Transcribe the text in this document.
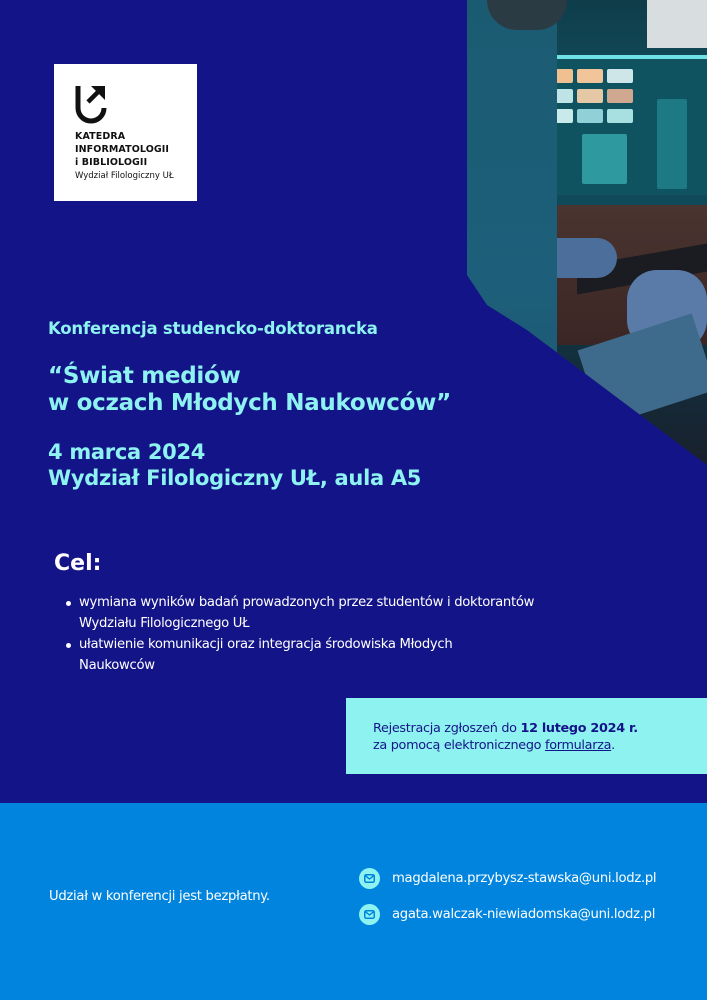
KATEDRA
INFORMATOLOGII
i BIBLIOLOGII
Wydział Filologiczny UŁ
Konferencja studencko-doktorancka
“Świat mediów
w oczach Młodych Naukowców”
4 marca 2024
Wydział Filologiczny UŁ, aula A5
Cel:
wymiana wyników badań prowadzonych przez studentów i doktorantów
Wydziału Filologicznego UŁ
ułatwienie komunikacji oraz integracja środowiska Młodych
Naukowców
Rejestracja zgłoszeń do 12 lutego 2024 r.
za pomocą elektronicznego formularza.
Udział w konferencji jest bezpłatny.
magdalena.przybysz-stawska@uni.lodz.pl
agata.walczak-niewiadomska@uni.lodz.pl
